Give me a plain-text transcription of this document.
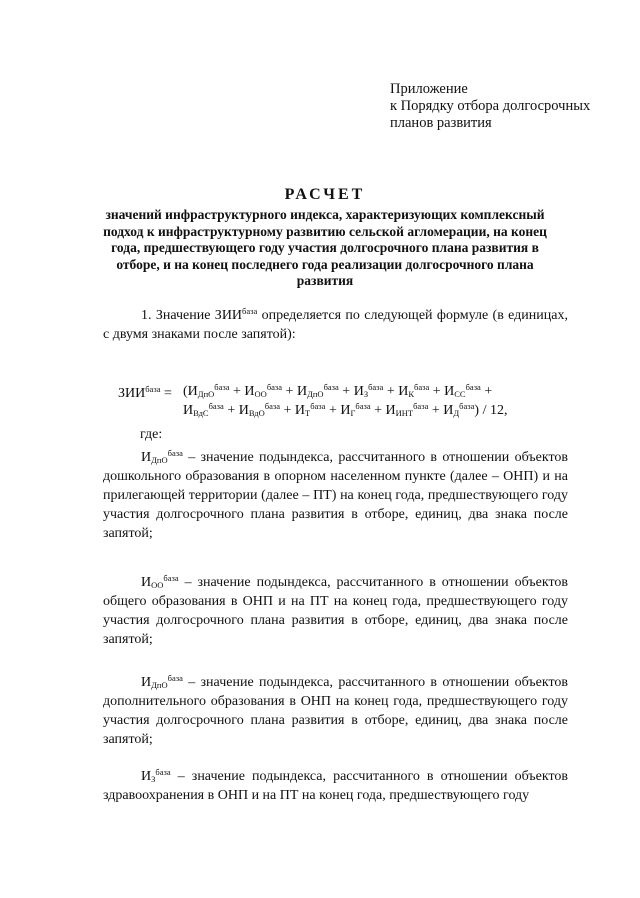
Приложение
к Порядку отбора долгосрочных
планов развития
РАСЧЕТ
значений инфраструктурного индекса, характеризующих комплексный подход к инфраструктурному развитию сельской агломерации, на конец года, предшествующего году участия долгосрочного плана развития в отборе, и на конец последнего года реализации долгосрочного плана развития
1. Значение $ЗИИ^{база}$ определяется по следующей формуле (в единицах, с двумя знаками после запятой):
$ЗИИ^{база} = (И_{ДпО}^{база} + И_{ОО}^{база} + И_{ДпО}^{база} + И_З^{база} + И_К^{база} + И_{СС}^{база}$ +
$И_{ВдС}^{база} + И_{ВдО}^{база} + И_Т^{база} + И_Г^{база} + И_{ИНТ}^{база} + И_Д^{база}) / 12$,
где:
$И_{ДпО}^{база}$ – значение подындекса, рассчитанного в отношении объектов дошкольного образования в опорном населенном пункте (далее – ОНП) и на прилегающей территории (далее – ПТ) на конец года, предшествующего году участия долгосрочного плана развития в отборе, единиц, два знака после запятой;
$И_{ОО}^{база}$ – значение подындекса, рассчитанного в отношении объектов общего образования в ОНП и на ПТ на конец года, предшествующего году участия долгосрочного плана развития в отборе, единиц, два знака после запятой;
$И_{ДпО}^{база}$ – значение подындекса, рассчитанного в отношении объектов дополнительного образования в ОНП на конец года, предшествующего году участия долгосрочного плана развития в отборе, единиц, два знака после запятой;
$И_З^{база}$ – значение подындекса, рассчитанного в отношении объектов здравоохранения в ОНП и на ПТ на конец года, предшествующего году
